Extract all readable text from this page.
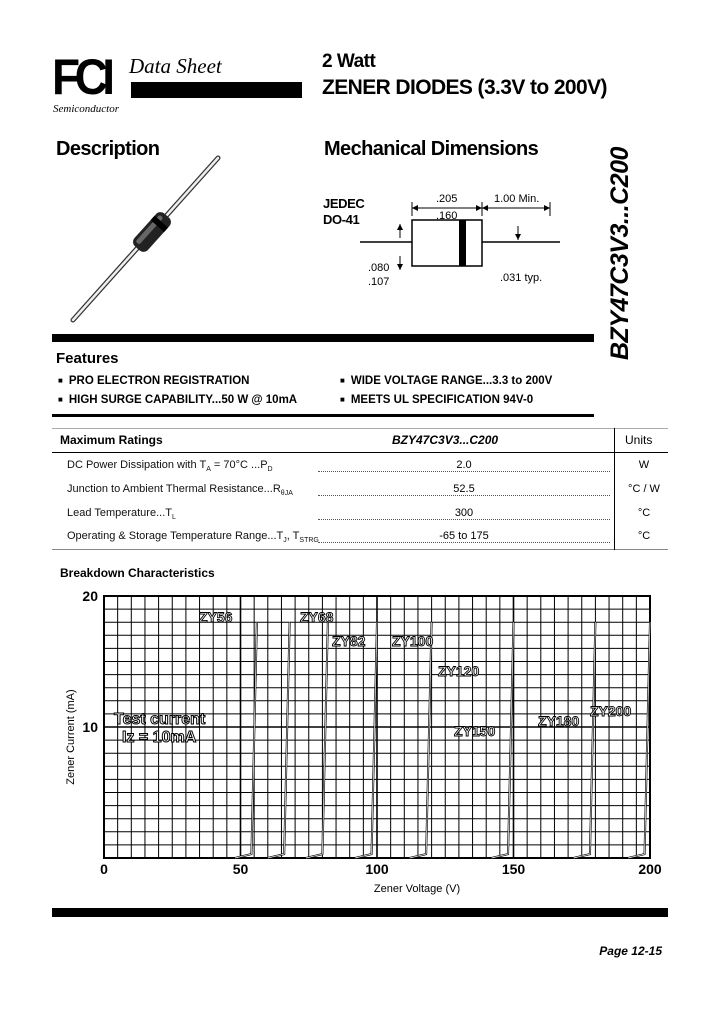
FCI
Semiconductor
Data Sheet	2 Watt
ZENER DIODES (3.3V to 200V)
BZY47C3V3...C200
Description	Mechanical Dimensions
JEDEC
DO-41
.205
.160
1.00 Min.
.080
.107	.031 typ.
Features
■ PRO ELECTRON REGISTRATION	■ WIDE VOLTAGE RANGE...3.3 to 200V
■ HIGH SURGE CAPABILITY...50 W @ 10mA	■ MEETS UL SPECIFICATION 94V-0
Maximum Ratings	BZY47C3V3...C200	Units
DC Power Dissipation with $T_A = 70^\circ C$ $...P_D$	2.0	W
Junction to Ambient Thermal $Resistance...R_{\theta JA}$	52.5	°C / W
Lead $Temperature...T_L$	300	°C
Operating & Storage Temperature $Range...T_J$, $T_{STRG}$	-65 to 175	°C
Breakdown Characteristics
0	50	100	150	200
20
10
Zener Voltage (V)
Zener Current (mA)
ZY56	ZY68
ZY82 ZY100
ZY120
ZY150
ZY180
ZY200
Test current
Iz = 10mA
Page 12-15
